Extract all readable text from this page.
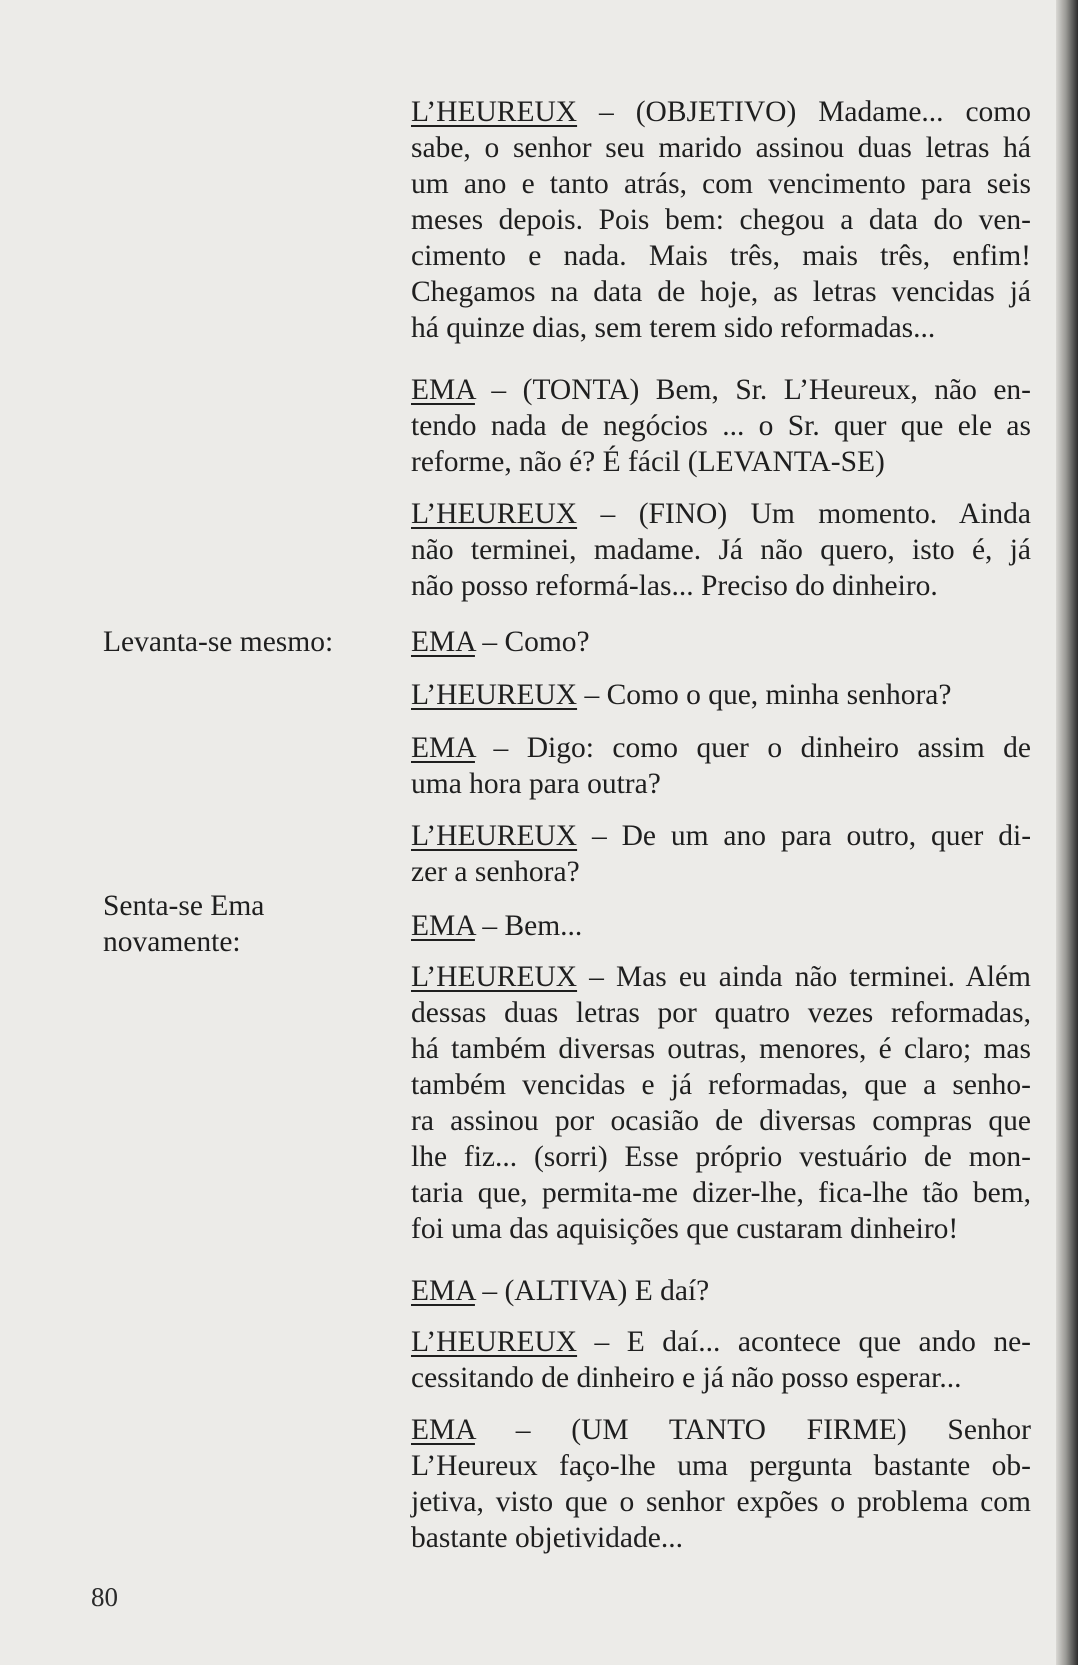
L’HEUREUX – (OBJETIVO) Madame... como
sabe, o senhor seu marido assinou duas letras há
um ano e tanto atrás, com vencimento para seis
meses depois. Pois bem: chegou a data do ven-
cimento e nada. Mais três, mais três, enfim!
Chegamos na data de hoje, as letras vencidas já
há quinze dias, sem terem sido reformadas...
EMA – (TONTA) Bem, Sr. L’Heureux, não en-
tendo nada de negócios ... o Sr. quer que ele as
reforme, não é? É fácil (LEVANTA-SE)
L’HEUREUX – (FINO) Um momento. Ainda
não terminei, madame. Já não quero, isto é, já
não posso reformá-las... Preciso do dinheiro.
Levanta-se mesmo:	EMA – Como?
L’HEUREUX – Como o que, minha senhora?
EMA – Digo: como quer o dinheiro assim de
uma hora para outra?
L’HEUREUX – De um ano para outro, quer di-
zer a senhora?
Senta-se Ema
novamente:	EMA – Bem...
L’HEUREUX – Mas eu ainda não terminei. Além
dessas duas letras por quatro vezes reformadas,
há também diversas outras, menores, é claro; mas
também vencidas e já reformadas, que a senho-
ra assinou por ocasião de diversas compras que
lhe fiz... (sorri) Esse próprio vestuário de mon-
taria que, permita-me dizer-lhe, fica-lhe tão bem,
foi uma das aquisições que custaram dinheiro!
EMA – (ALTIVA) E daí?
L’HEUREUX – E daí... acontece que ando ne-
cessitando de dinheiro e já não posso esperar...
EMA – (UM TANTO FIRME) Senhor
L’Heureux faço-lhe uma pergunta bastante ob-
jetiva, visto que o senhor expões o problema com
bastante objetividade...
80
